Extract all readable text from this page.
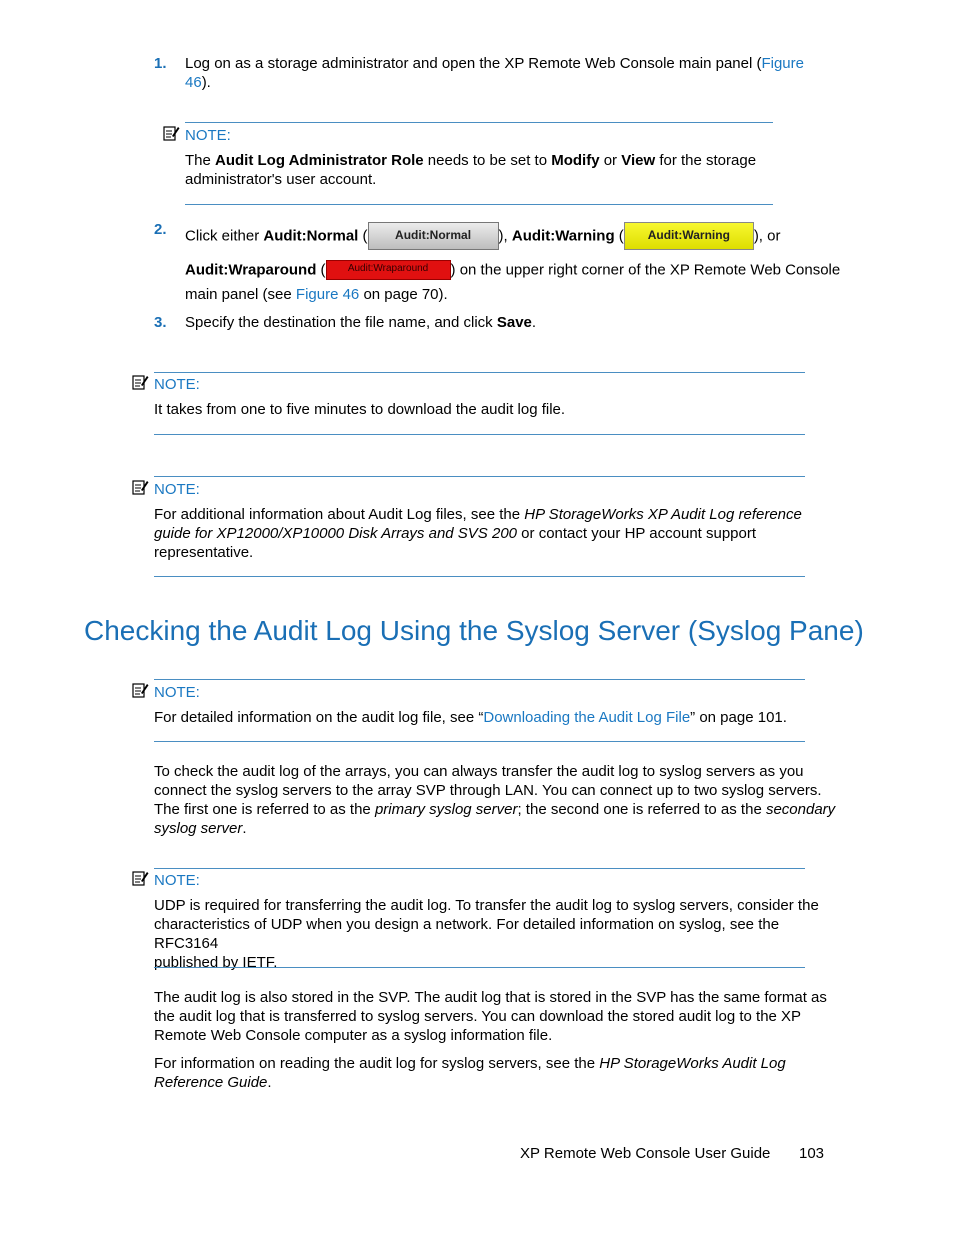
1.	Log on as a storage administrator and open the XP Remote Web Console main panel (Figure
46).
NOTE:
The Audit Log Administrator Role needs to be set to Modify or View for the storage
administrator's user account.
2.	Click either Audit:Normal ( Audit:Normal ), Audit:Warning ( Audit:Warning ), or
Audit:Wraparound ( Audit:Wraparound ) on the upper right corner of the XP Remote Web Console
main panel (see Figure 46 on page 70).
3.	Specify the destination the file name, and click Save.
NOTE:
It takes from one to five minutes to download the audit log file.
NOTE:
For additional information about Audit Log files, see the HP StorageWorks XP Audit Log reference
guide for XP12000/XP10000 Disk Arrays and SVS 200 or contact your HP account support
representative.
Checking the Audit Log Using the Syslog Server (Syslog Pane)
NOTE:
For detailed information on the audit log file, see “Downloading the Audit Log File” on page 101.
To check the audit log of the arrays, you can always transfer the audit log to syslog servers as you
connect the syslog servers to the array SVP through LAN. You can connect up to two syslog servers.
The first one is referred to as the primary syslog server; the second one is referred to as the secondary
syslog server.
NOTE:
UDP is required for transferring the audit log. To transfer the audit log to syslog servers, consider the
characteristics of UDP when you design a network. For detailed information on syslog, see the RFC3164
published by IETF.
The audit log is also stored in the SVP. The audit log that is stored in the SVP has the same format as
the audit log that is transferred to syslog servers. You can download the stored audit log to the XP
Remote Web Console computer as a syslog information file.
For information on reading the audit log for syslog servers, see the HP StorageWorks Audit Log
Reference Guide.
XP Remote Web Console User Guide 103
